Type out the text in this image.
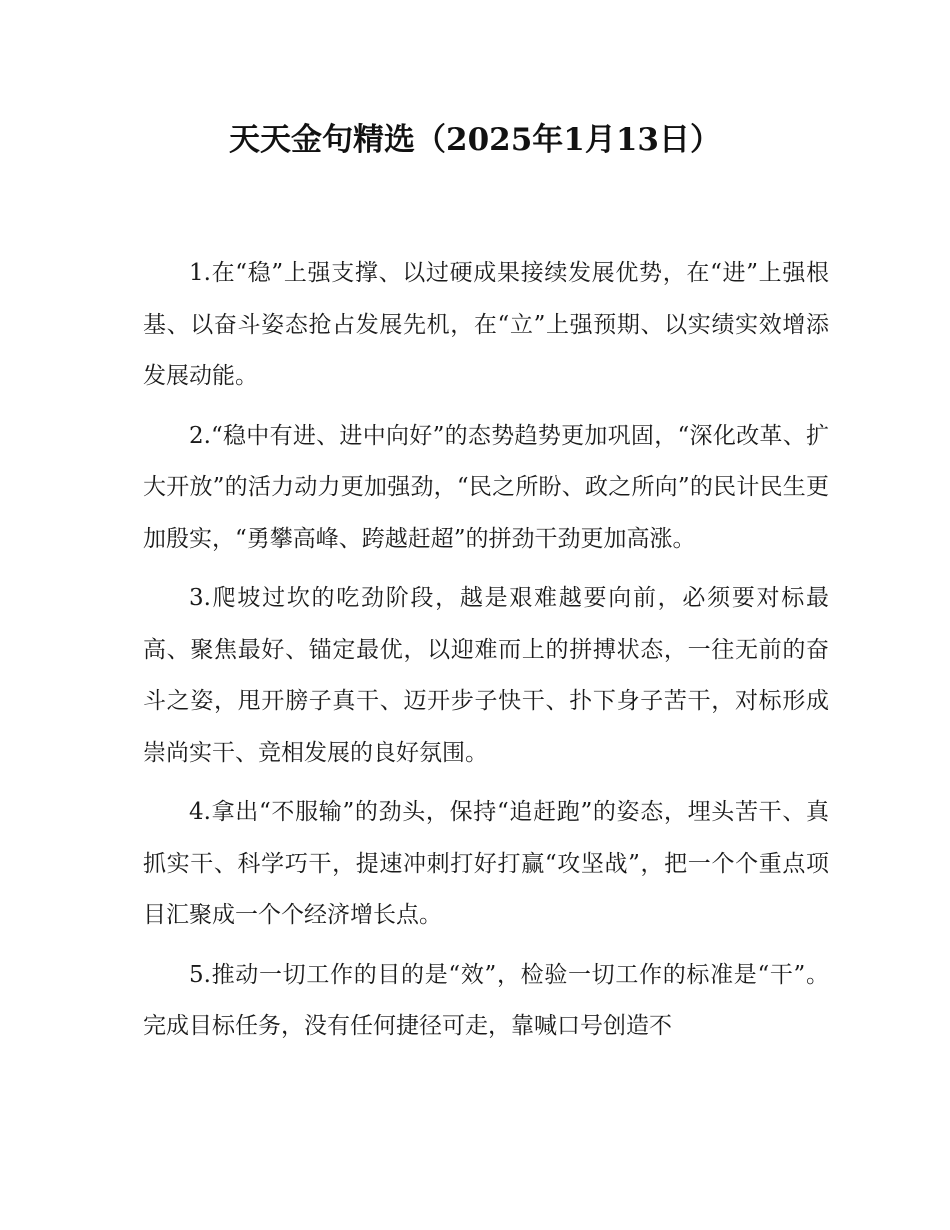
天天金句精选（2025年1月13日）

1.在“稳”上强支撑、以过硬成果接续发展优势，在“进”上强根基、以奋斗姿态抢占发展先机，在“立”上强预期、以实绩实效增添发展动能。

2.“稳中有进、进中向好”的态势趋势更加巩固，“深化改革、扩大开放”的活力动力更加强劲，“民之所盼、政之所向”的民计民生更加殷实，“勇攀高峰、跨越赶超”的拼劲干劲更加高涨。

3.爬坡过坎的吃劲阶段，越是艰难越要向前，必须要对标最高、聚焦最好、锚定最优，以迎难而上的拼搏状态，一往无前的奋斗之姿，甩开膀子真干、迈开步子快干、扑下身子苦干，对标形成崇尚实干、竞相发展的良好氛围。

4.拿出“不服输”的劲头，保持“追赶跑”的姿态，埋头苦干、真抓实干、科学巧干，提速冲刺打好打赢“攻坚战”，把一个个重点项目汇聚成一个个经济增长点。

5.推动一切工作的目的是“效”，检验一切工作的标准是“干”。完成目标任务，没有任何捷径可走，靠喊口号创造不
